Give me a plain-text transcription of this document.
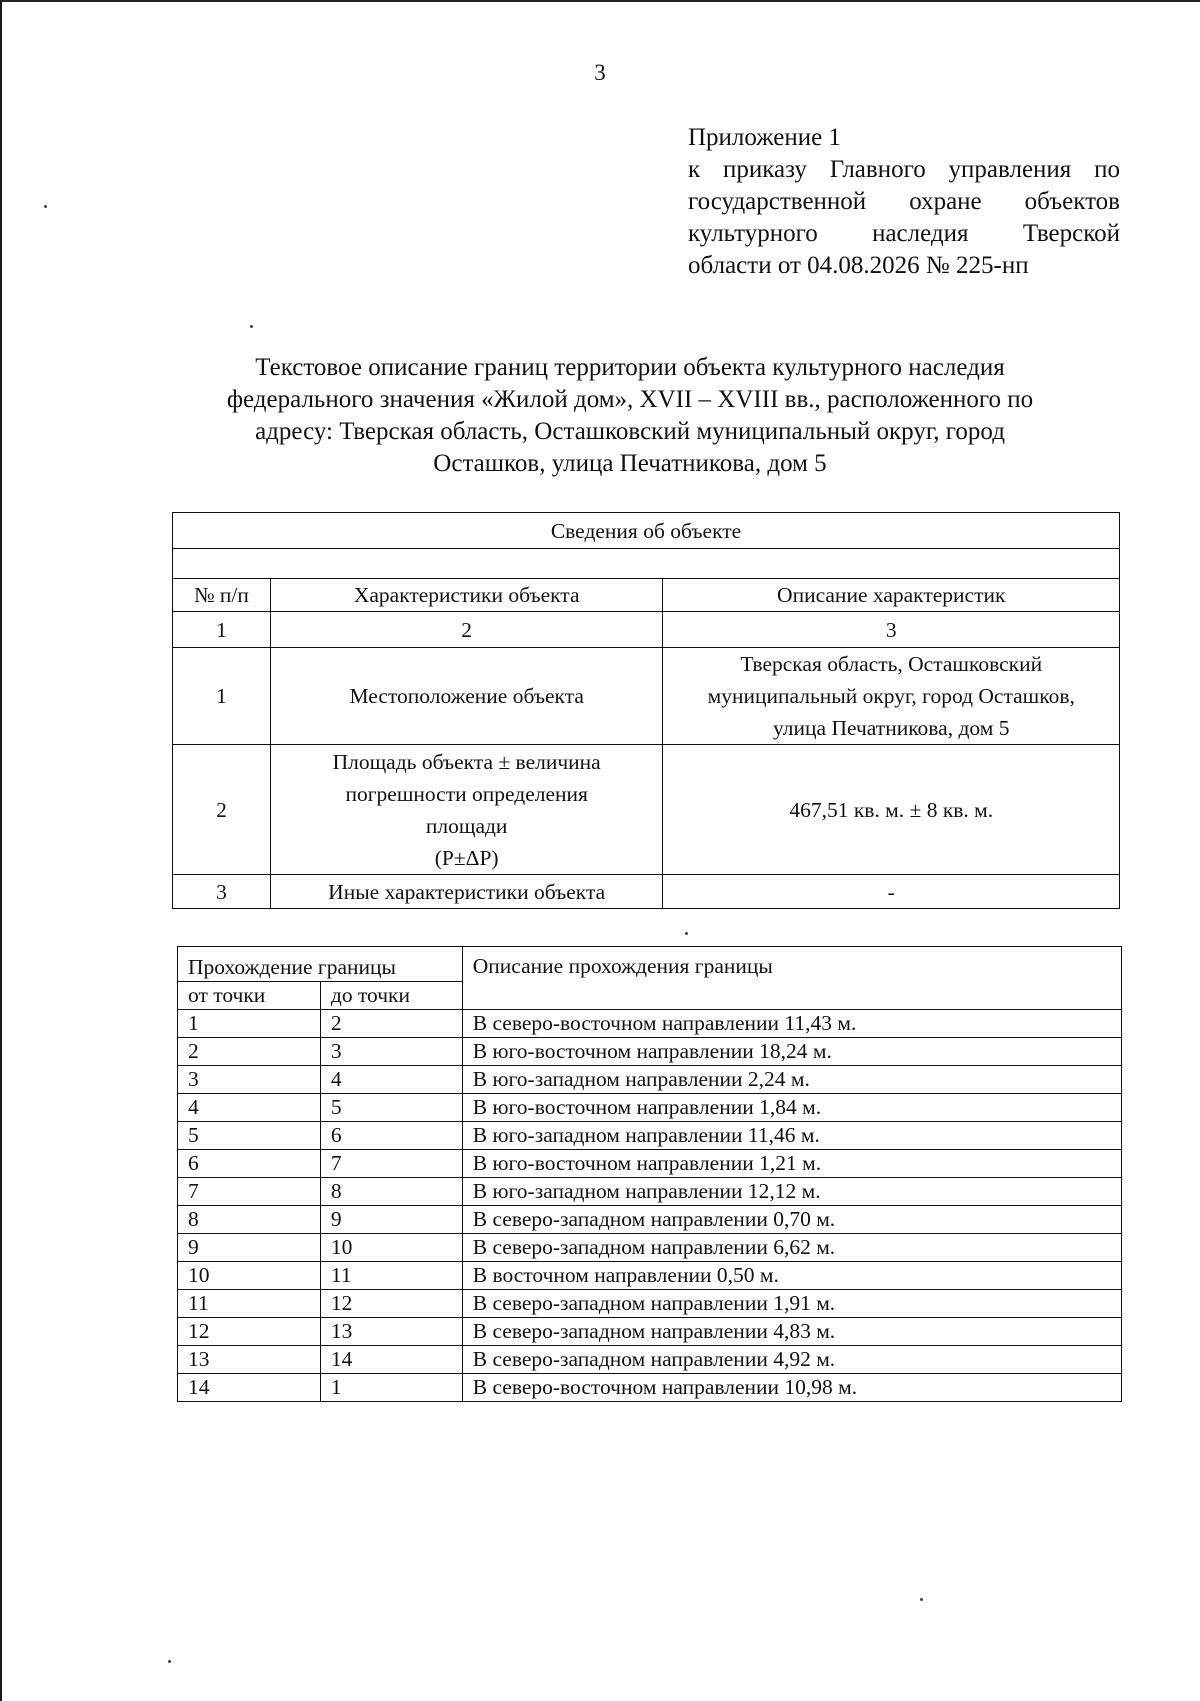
3
Приложение 1
к приказу Главного управления по
государственной охране объектов
культурного наследия Тверской
области от 04.08.2026 № 225-нп
Текстовое описание границ территории объекта культурного наследия
федерального значения «Жилой дом», XVII – XVIII вв., расположенного по
адресу: Тверская область, Осташковский муниципальный округ, город
Осташков, улица Печатникова, дом 5
Сведения об объекте		

№ п/п	Характеристики объекта	Описание характеристик
1	2	3
1	Местоположение объекта	Тверская область, Осташковский
муниципальный округ, город Осташков,
улица Печатникова, дом 5

2	Площадь объекта ± величина
погрешности определения
площади
(P±ΔP)	467,51 кв. м. ± 8 кв. м.

3	Иные характеристики объекта	-
Прохождение границы		Описание прохождения границы
от точки	до точки	
1	2	В северо-восточном направлении 11,43 м.
2	3	В юго-восточном направлении 18,24 м.
3	4	В юго-западном направлении 2,24 м.
4	5	В юго-восточном направлении 1,84 м.
5	6	В юго-западном направлении 11,46 м.
6	7	В юго-восточном направлении 1,21 м.
7	8	В юго-западном направлении 12,12 м.
8	9	В северо-западном направлении 0,70 м.
9	10	В северо-западном направлении 6,62 м.
10	11	В восточном направлении 0,50 м.
11	12	В северо-западном направлении 1,91 м.
12	13	В северо-западном направлении 4,83 м.
13	14	В северо-западном направлении 4,92 м.
14	1	В северо-восточном направлении 10,98 м.
